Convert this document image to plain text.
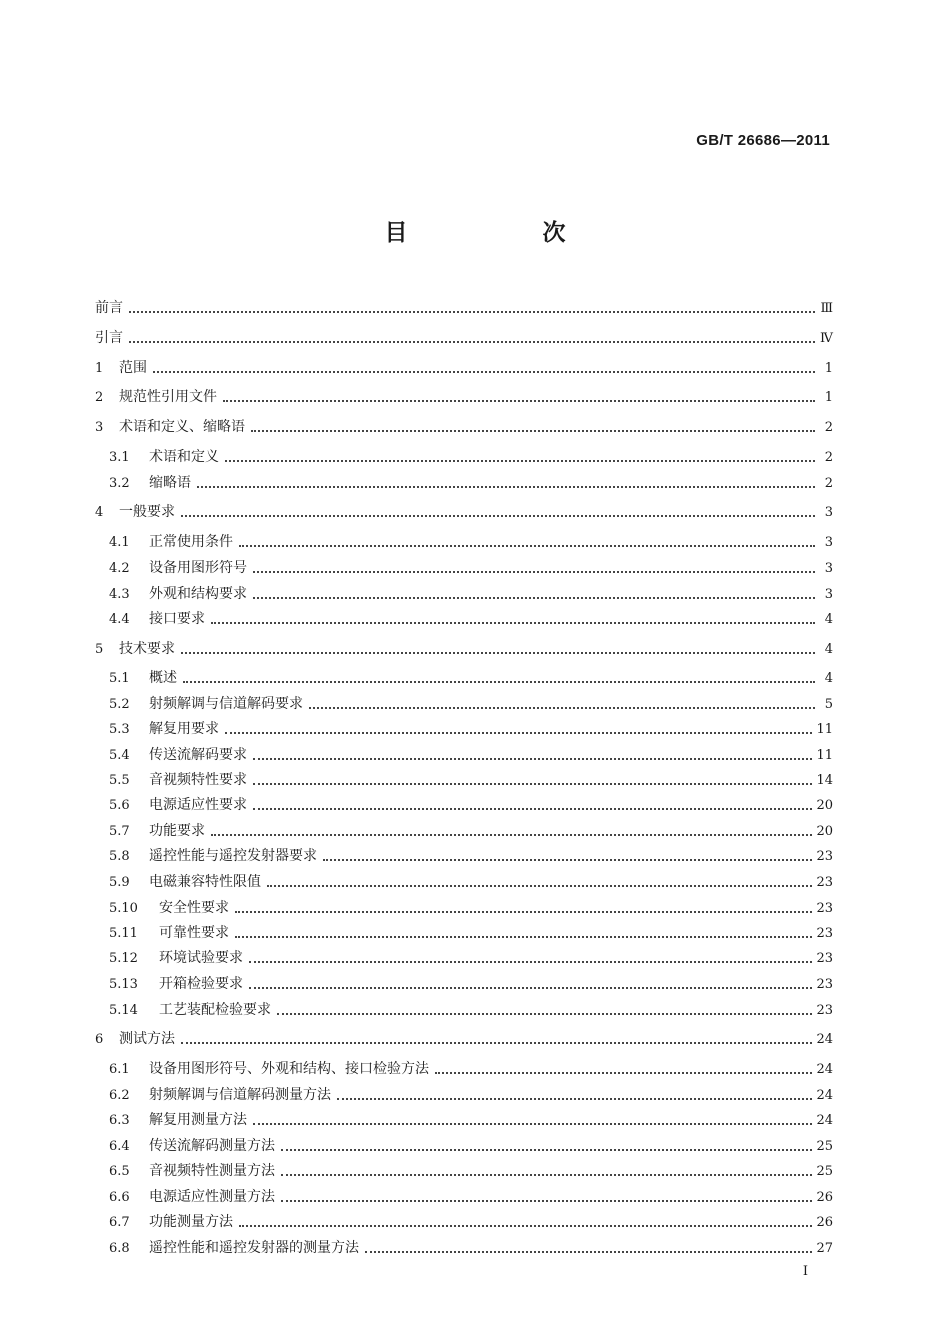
GB/T 26686—2011
目　次
前言	Ⅲ
引言	Ⅳ
1	范围	1
2	规范性引用文件	1
3	术语和定义、缩略语	2
3.1	术语和定义	2
3.2	缩略语	2
4	一般要求	3
4.1	正常使用条件	3
4.2	设备用图形符号	3
4.3	外观和结构要求	3
4.4	接口要求	4
5	技术要求	4
5.1	概述	4
5.2	射频解调与信道解码要求	5
5.3	解复用要求	11
5.4	传送流解码要求	11
5.5	音视频特性要求	14
5.6	电源适应性要求	20
5.7	功能要求	20
5.8	遥控性能与遥控发射器要求	23
5.9	电磁兼容特性限值	23
5.10	安全性要求	23
5.11	可靠性要求	23
5.12	环境试验要求	23
5.13	开箱检验要求	23
5.14	工艺装配检验要求	23
6	测试方法	24
6.1	设备用图形符号、外观和结构、接口检验方法	24
6.2	射频解调与信道解码测量方法	24
6.3	解复用测量方法	24
6.4	传送流解码测量方法	25
6.5	音视频特性测量方法	25
6.6	电源适应性测量方法	26
6.7	功能测量方法	26
6.8	遥控性能和遥控发射器的测量方法	27
Ⅰ
